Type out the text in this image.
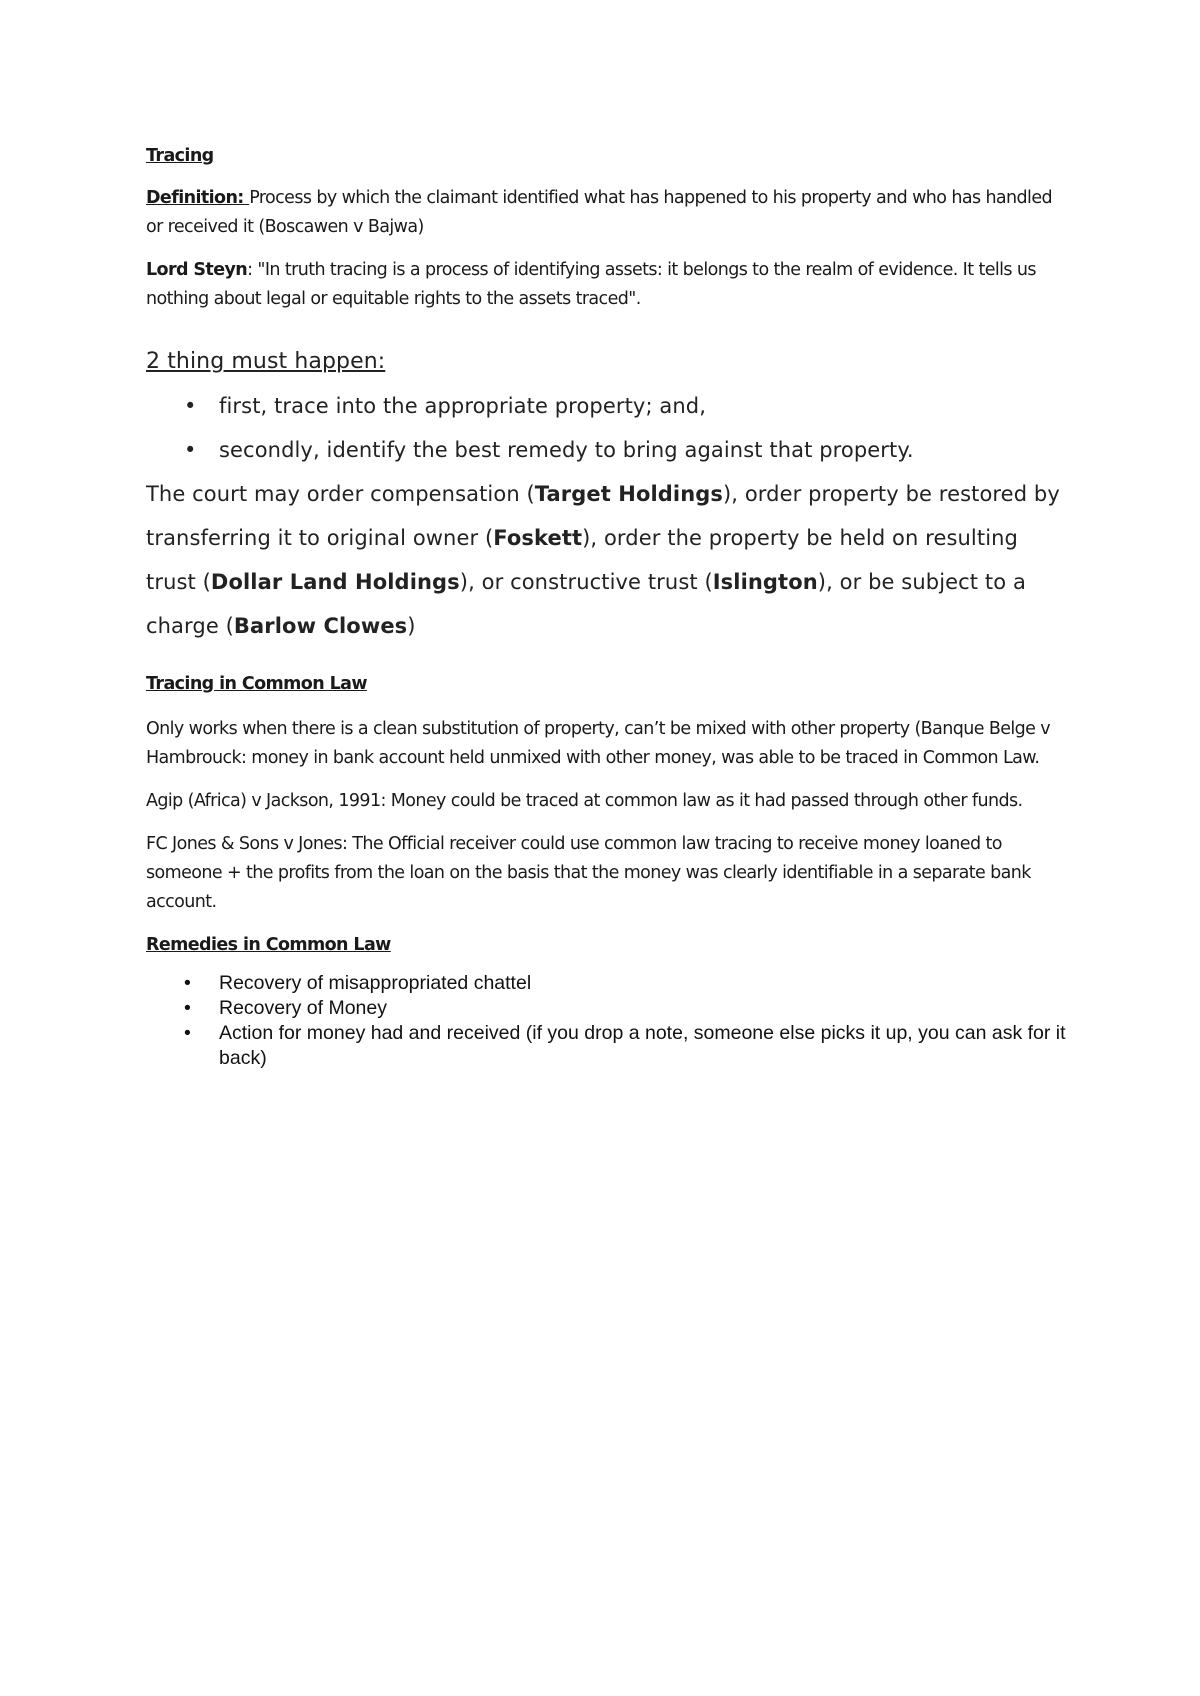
Tracing

Definition: Process by which the claimant identified what has happened to his property and who has handled or received it (Boscawen v Bajwa)

Lord Steyn: "In truth tracing is a process of identifying assets: it belongs to the realm of evidence. It tells us nothing about legal or equitable rights to the assets traced".

2 thing must happen:

• first, trace into the appropriate property; and,
• secondly, identify the best remedy to bring against that property.

The court may order compensation (Target Holdings), order property be restored by transferring it to original owner (Foskett), order the property be held on resulting trust (Dollar Land Holdings), or constructive trust (Islington), or be subject to a charge (Barlow Clowes)

Tracing in Common Law

Only works when there is a clean substitution of property, can’t be mixed with other property (Banque Belge v Hambrouck: money in bank account held unmixed with other money, was able to be traced in Common Law.

Agip (Africa) v Jackson, 1991: Money could be traced at common law as it had passed through other funds.

FC Jones & Sons v Jones: The Official receiver could use common law tracing to receive money loaned to someone + the profits from the loan on the basis that the money was clearly identifiable in a separate bank account.

Remedies in Common Law

• Recovery of misappropriated chattel
• Recovery of Money
• Action for money had and received (if you drop a note, someone else picks it up, you can ask for it back)
